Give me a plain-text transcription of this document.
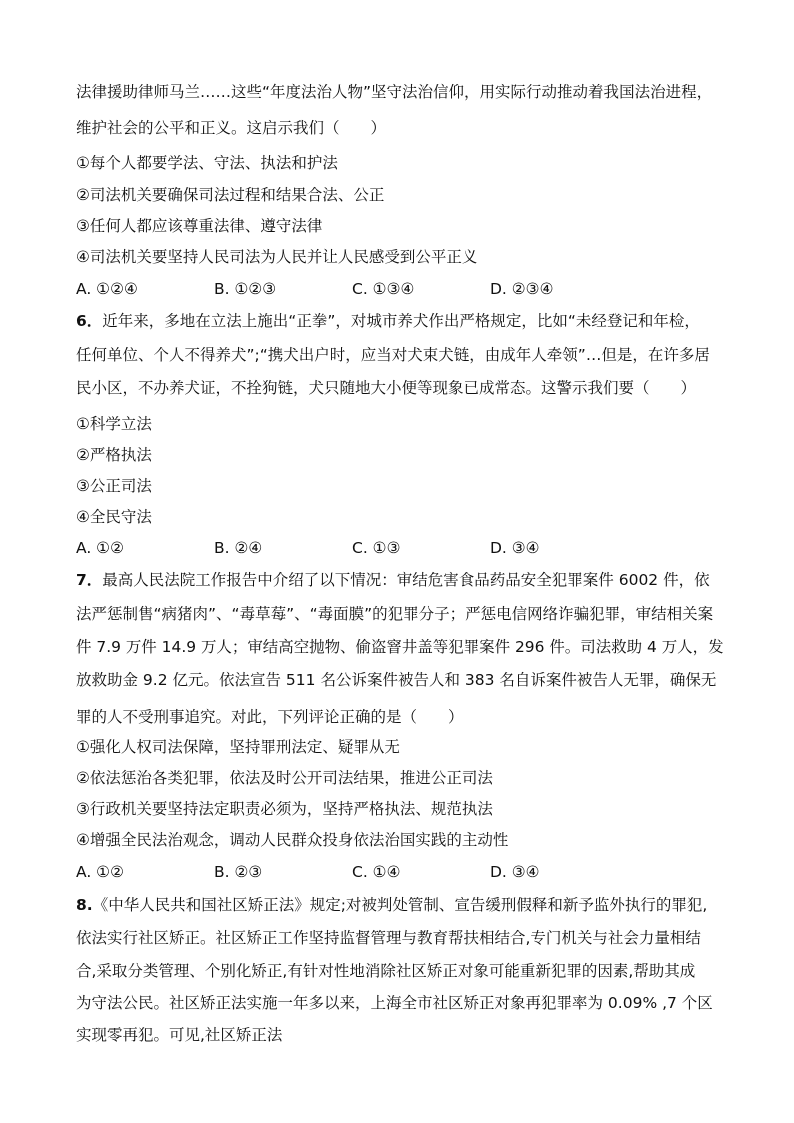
法律援助律师马兰……这些“年度法治人物”坚守法治信仰，用实际行动推动着我国法治进程，
维护社会的公平和正义。这启示我们（　　）
①每个人都要学法、守法、执法和护法
②司法机关要确保司法过程和结果合法、公正
③任何人都应该尊重法律、遵守法律
④司法机关要坚持人民司法为人民并让人民感受到公平正义
A. ①②④	B. ①②③	C. ①③④	D. ②③④
6．近年来，多地在立法上施出“正拳”，对城市养犬作出严格规定，比如“未经登记和年检，
任何单位、个人不得养犬”;“携犬出户时，应当对犬束犬链，由成年人牵领”…但是，在许多居
民小区，不办养犬证，不拴狗链，犬只随地大小便等现象已成常态。这警示我们要（　　）
①科学立法
②严格执法
③公正司法
④全民守法
A. ①②	B. ②④	C. ①③	D. ③④
7．最高人民法院工作报告中介绍了以下情况：审结危害食品药品安全犯罪案件 6002 件，依
法严惩制售“病猪肉”、“毒草莓”、“毒面膜”的犯罪分子；严惩电信网络诈骗犯罪，审结相关案
件 7.9 万件 14.9 万人；审结高空抛物、偷盗窨井盖等犯罪案件 296 件。司法救助 4 万人，发
放救助金 9.2 亿元。依法宣告 511 名公诉案件被告人和 383 名自诉案件被告人无罪，确保无
罪的人不受刑事追究。对此，下列评论正确的是（　　）
①强化人权司法保障，坚持罪刑法定、疑罪从无
②依法惩治各类犯罪，依法及时公开司法结果，推进公正司法
③行政机关要坚持法定职责必须为，坚持严格执法、规范执法
④增强全民法治观念，调动人民群众投身依法治国实践的主动性
A. ①②	B. ②③	C. ①④	D. ③④
8.《中华人民共和国社区矫正法》规定;对被判处管制、宣告缓刑假释和新予监外执行的罪犯,
依法实行社区矫正。社区矫正工作坚持监督管理与教育帮扶相结合,专门机关与社会力量相结
合,采取分类管理、个别化矫正,有针对性地消除社区矫正对象可能重新犯罪的因素,帮助其成
为守法公民。社区矫正法实施一年多以来，上海全市社区矫正对象再犯罪率为 0.09% ,7 个区
实现零再犯。可见,社区矫正法
